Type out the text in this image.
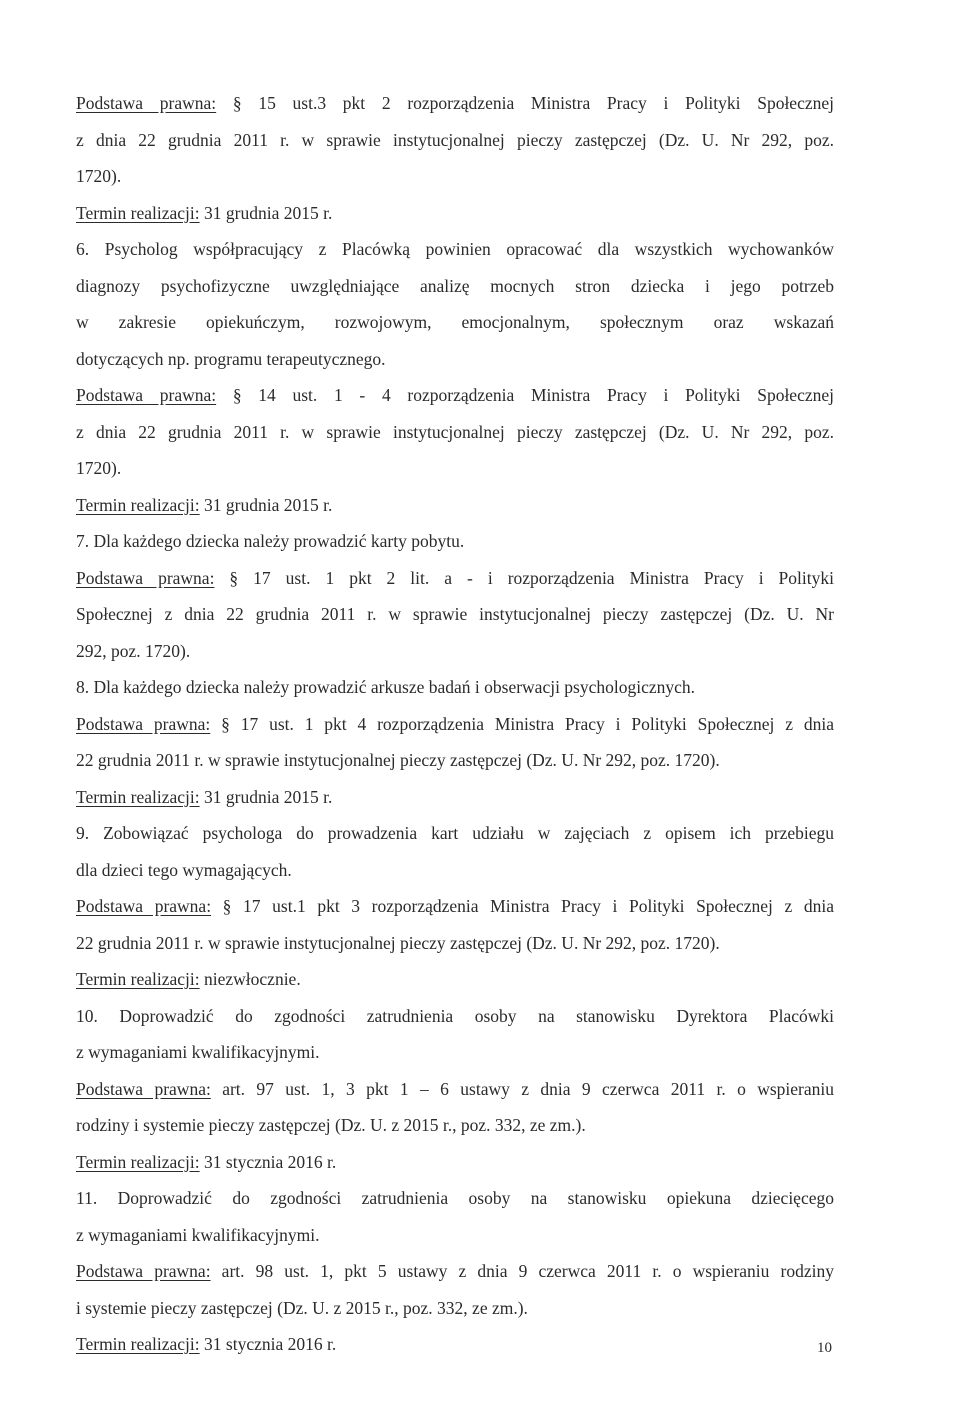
Podstawa prawna: § 15 ust.3 pkt 2 rozporządzenia Ministra Pracy i Polityki Społecznej
z dnia 22 grudnia 2011 r. w sprawie instytucjonalnej pieczy zastępczej (Dz. U. Nr 292, poz.
1720).
Termin realizacji: 31 grudnia 2015 r.
6. Psycholog współpracujący z Placówką powinien opracować dla wszystkich wychowanków
diagnozy psychofizyczne uwzględniające analizę mocnych stron dziecka i jego potrzeb
w zakresie opiekuńczym, rozwojowym, emocjonalnym, społecznym oraz wskazań
dotyczących np. programu terapeutycznego.
Podstawa prawna: § 14 ust. 1 - 4 rozporządzenia Ministra Pracy i Polityki Społecznej
z dnia 22 grudnia 2011 r. w sprawie instytucjonalnej pieczy zastępczej (Dz. U. Nr 292, poz.
1720).
Termin realizacji: 31 grudnia 2015 r.
7. Dla każdego dziecka należy prowadzić karty pobytu.
Podstawa prawna: § 17 ust. 1 pkt 2 lit. a - i rozporządzenia Ministra Pracy i Polityki
Społecznej z dnia 22 grudnia 2011 r. w sprawie instytucjonalnej pieczy zastępczej (Dz. U. Nr
292, poz. 1720).
8. Dla każdego dziecka należy prowadzić arkusze badań i obserwacji psychologicznych.
Podstawa prawna: § 17 ust. 1 pkt 4 rozporządzenia Ministra Pracy i Polityki Społecznej z dnia
22 grudnia 2011 r. w sprawie instytucjonalnej pieczy zastępczej (Dz. U. Nr 292, poz. 1720).
Termin realizacji: 31 grudnia 2015 r.
9. Zobowiązać psychologa do prowadzenia kart udziału w zajęciach z opisem ich przebiegu
dla dzieci tego wymagających.
Podstawa prawna: § 17 ust.1 pkt 3 rozporządzenia Ministra Pracy i Polityki Społecznej z dnia
22 grudnia 2011 r. w sprawie instytucjonalnej pieczy zastępczej (Dz. U. Nr 292, poz. 1720).
Termin realizacji: niezwłocznie.
10. Doprowadzić do zgodności zatrudnienia osoby na stanowisku Dyrektora Placówki
z wymaganiami kwalifikacyjnymi.
Podstawa prawna: art. 97 ust. 1, 3 pkt 1 – 6 ustawy z dnia 9 czerwca 2011 r. o wspieraniu
rodziny i systemie pieczy zastępczej (Dz. U. z 2015 r., poz. 332, ze zm.).
Termin realizacji: 31 stycznia 2016 r.
11. Doprowadzić do zgodności zatrudnienia osoby na stanowisku opiekuna dziecięcego
z wymaganiami kwalifikacyjnymi.
Podstawa prawna: art. 98 ust. 1, pkt 5 ustawy z dnia 9 czerwca 2011 r. o wspieraniu rodziny
i systemie pieczy zastępczej (Dz. U. z 2015 r., poz. 332, ze zm.).
Termin realizacji: 31 stycznia 2016 r.	10
